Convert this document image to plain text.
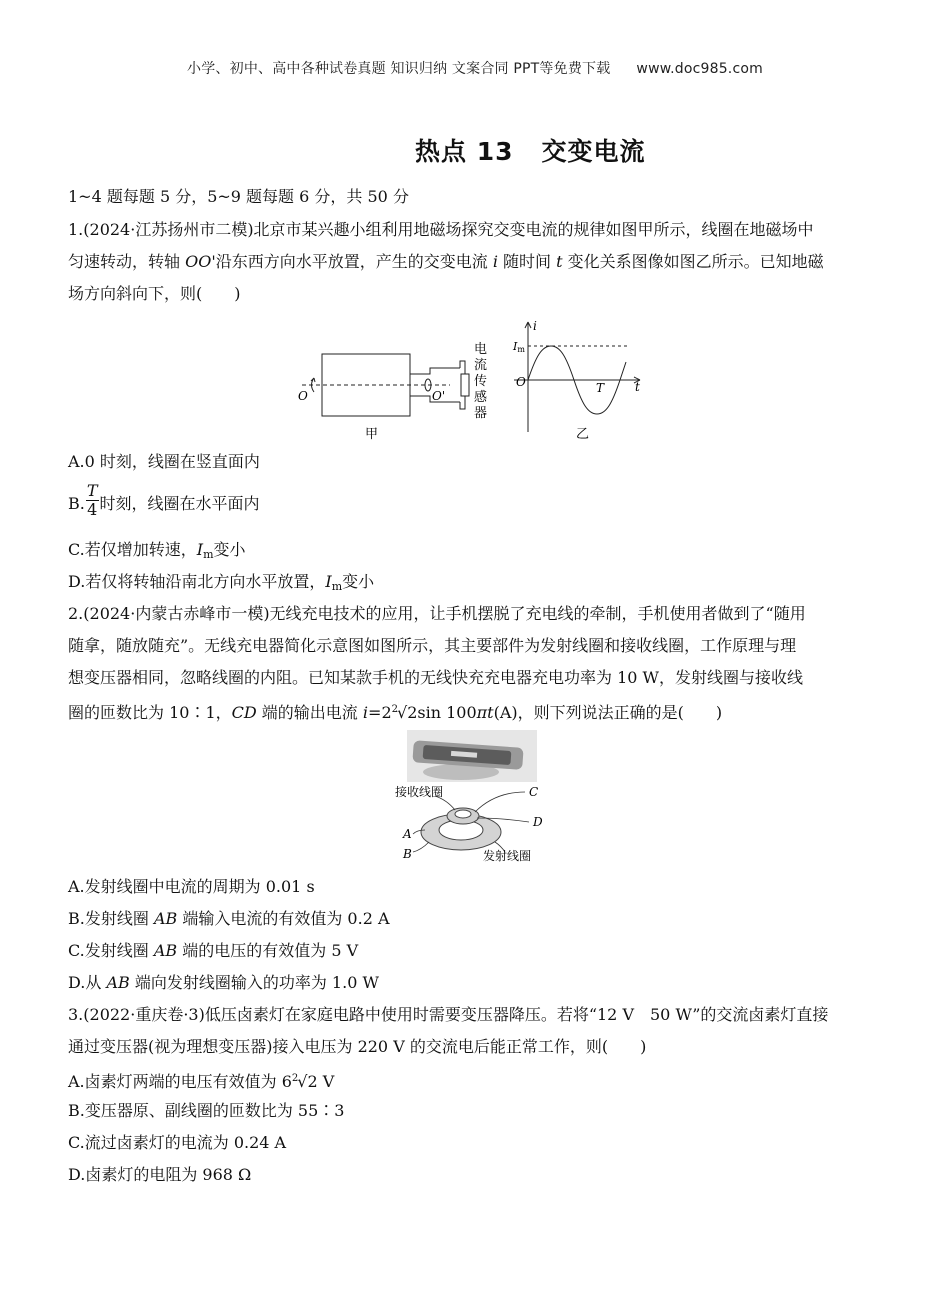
小学、初中、高中各种试卷真题 知识归纳 文案合同 PPT等免费下载 www.doc985.com
热点 13 交变电流
1~4 题每题 5 分，5~9 题每题 6 分，共 50 分
1.(2024·江苏扬州市二模)北京市某兴趣小组利用地磁场探究交变电流的规律如图甲所示，线圈在地磁场中
匀速转动，转轴 OO'沿东西方向水平放置，产生的交变电流 i 随时间 t 变化关系图像如图乙所示。已知地磁
场方向斜向下，则(　　)
电
流
传
感
器
O	O'
甲
i
Im
O	T	t
乙
A.0 时刻，线圈在竖直面内
B. $\frac{T}{4}$ 时刻，线圈在水平面内
C.若仅增加转速，$I_m$变小
D.若仅将转轴沿南北方向水平放置，$I_m$变小
2.(2024·内蒙古赤峰市一模)无线充电技术的应用，让手机摆脱了充电线的牵制，手机使用者做到了“随用
随拿，随放随充”。无线充电器简化示意图如图所示，其主要部件为发射线圈和接收线圈，工作原理与理
想变压器相同，忽略线圈的内阻。已知某款手机的无线快充充电器充电功率为 10 W，发射线圈与接收线
圈的匝数比为 10∶1，CD 端的输出电流 $i=2^2√2\sin$ 100πt(A)，则下列说法正确的是(　　)
接收线圈	C
D
A
B	发射线圈
A.发射线圈中电流的周期为 0.01 s
B.发射线圈 AB 端输入电流的有效值为 0.2 A
C.发射线圈 AB 端的电压的有效值为 5 V
D.从 AB 端向发射线圈输入的功率为 1.0 W
3.(2022·重庆卷·3)低压卤素灯在家庭电路中使用时需要变压器降压。若将“12 V　50 W”的交流卤素灯直接
通过变压器(视为理想变压器)接入电压为 220 V 的交流电后能正常工作，则(　　)
A.卤素灯两端的电压有效值为 $6^2√2$ V
B.变压器原、副线圈的匝数比为 55∶3
C.流过卤素灯的电流为 0.24 A
D.卤素灯的电阻为 968 Ω
